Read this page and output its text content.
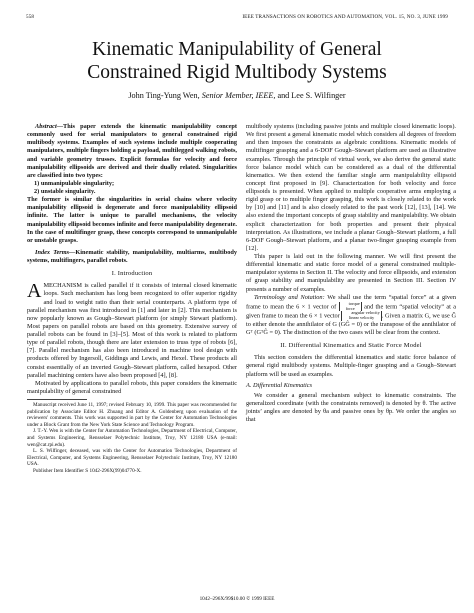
558	IEEE TRANSACTIONS ON ROBOTICS AND AUTOMATION, VOL. 15, NO. 3, JUNE 1999
Kinematic Manipulability of General
Constrained Rigid Multibody Systems
John Ting-Yung Wen, Senior Member, IEEE, and Lee S. Wilfinger

Abstract—This paper extends the kinematic manipulability concept commonly used for serial manipulators to general constrained rigid multibody systems. Examples of such systems include multiple cooperating manipulators, multiple fingers holding a payload, multilegged walking robots, and variable geometry trusses. Explicit formulas for velocity and force manipulability ellipsoids are derived and their dually related. Singularities are classified into two types:

1) unmanipulable singularity;
2) unstable singularity.

The former is similar the singularities in serial chains where velocity manipulability ellipsoid is degenerate and force manipulability ellipsoid infinite. The latter is unique to parallel mechanisms, the velocity manipulability ellipsoid becomes infinite and force manipulability degenerate. In the case of multifinger grasp, these concepts correspond to unmanipulable or unstable grasps.

Index Terms—Kinematic stability, manipulability, multiarms, multibody systems, multifingers, parallel robots.

I. Introduction

AMECHANISM is called parallel if it consists of internal closed kinematic loops. Such mechanism has long been recognized to offer superior rigidity and load to weight ratio than their serial counterparts. A platform type of parallel mechanism was first introduced in [1] and later in [2]. This mechanism is now popularly known as Gough–Stewart platform (or simply Stewart platform). Most papers on parallel robots are based on this geometry. Extensive survey of parallel robots can be found in [3]–[5]. Most of this work is related to platform type of parallel robots, though there are later extension to truss type of robots [6], [7]. Parallel mechanism has also been introduced in machine tool design with products offered by Ingersoll, Giddings and Lewis, and Hexel. These products all consist essentially of an inverted Gough–Stewart platform, called hexapod. Other parallel machining centers have also been proposed [4], [8].

Motivated by applications to parallel robots, this paper considers the kinematic manipulability of general constrained

Manuscript received June 11, 1997; revised February 10, 1999. This paper was recommended for publication by Associate Editor H. Zhuang and Editor A. Goldenberg upon evaluation of the reviewers' comments. This work was supported in part by the Center for Automation Technologies under a Block Grant from the New York State Science and Technology Program.

J. T.-Y. Wen is with the Center for Automation Technologies, Department of Electrical, Computer, and Systems Engineering, Rensselaer Polytechnic Institute, Troy, NY 12180 USA (e-mail: wen@cat.rpi.edu).

L. S. Wilfinger, deceased, was with the Center for Automation Technologies, Department of Electrical, Computer, and Systems Engineering, Rensselaer Polytechnic Institute, Troy, NY 12180 USA.

Publisher Item Identifier S 1042-296X(99)04770-X.

multibody systems (including passive joints and multiple closed kinematic loops). We first present a general kinematic model which considers all degrees of freedom and then imposes the constraints as algebraic conditions. Kinematic models of multifinger grasping and a 6-DOF Gough–Stewart platform are used as illustrative examples. Through the principle of virtual work, we also derive the general static force balance model which can be considered as a dual of the differential kinematics. We then extend the familiar single arm manipulability ellipsoid concept first proposed in [9]. Characterization for both velocity and force ellipsoids is presented. When applied to multiple cooperative arms employing a rigid grasp or to multiple finger grasping, this work is closely related to the work by [10] and [11] and is also closely related to the past work [12], [13], [14]. We also extend the important concepts of grasp stability and manipulability. We obtain explicit characterization for both properties and present their physical interpretation. As illustrations, we include a planar Gough–Stewart platform, a full 6-DOF Gough–Stewart platform, and a planar two-finger grasping example from [12].

This paper is laid out in the following manner. We will first present the differential kinematic and static force model of a general constrained multiple-manipulator systems in Section II. The velocity and force ellipsoids, and extension of grasp stability and manipulability are presented in Section III. Section IV presents a number of examples.

Terminology and Notation: We shall use the term “spatial force” at a given frame to mean the 6 × 1 vector of	torque
force and the term “spatial velocity” at a given frame to mean the 6 × 1 vector	angular velocity
linear velocity . Given a matrix G, we use Ĝ to either denote the annihilator of G (GĜ = 0) or the transpose of the annihilator of Gᵀ (GᵀĜ = 0). The distinction of the two cases will be clear from the context.

II. Differential Kinematics and Static Force Model

This section considers the differential kinematics and static force balance of general rigid multibody systems. Multiple-finger grasping and a Gough–Stewart platform will be used as examples.

A. Differential Kinematics

We consider a general mechanism subject to kinematic constraints. The generalized coordinate (with the constraints removed) is denoted by θ. The active joints’ angles are denoted by θa and passive ones by θp. We order the angles so that

1042–296X/99$10.00 © 1999 IEEE
